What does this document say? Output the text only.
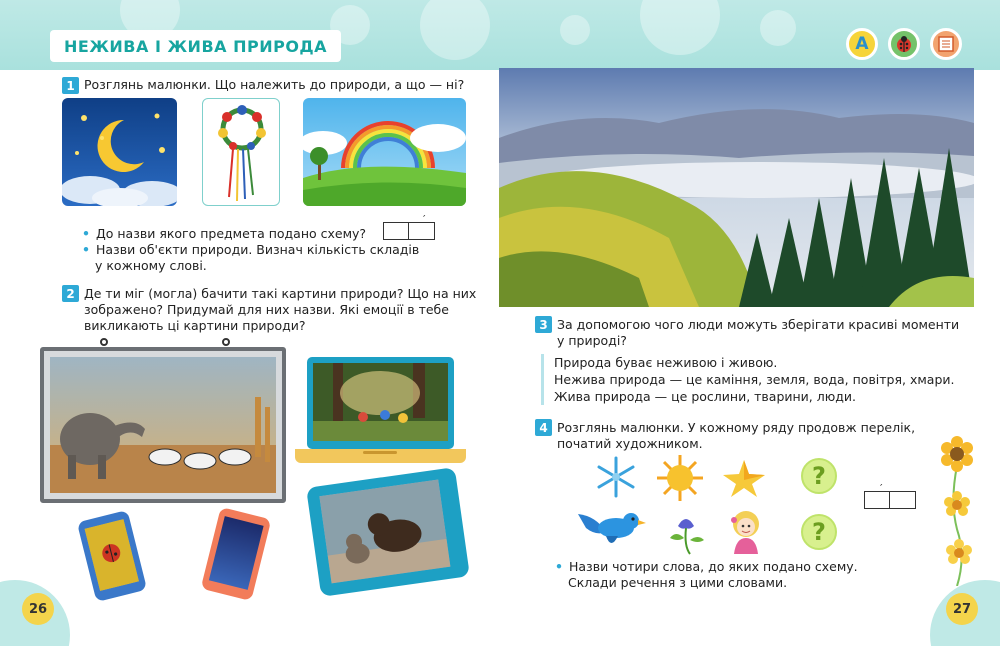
НЕЖИВА І ЖИВА ПРИРОДА	А
1 Розглянь малюнки. Що належить до природи, а що — ні?
• До назви якого предмета подано схему?
• Назви об'єкти природи. Визнач кількість складів
у кожному слові.
′
2 Де ти міг (могла) бачити такі картини природи? Що на них
зображено? Придумай для них назви. Які емоції в тебе
викликають ці картини природи?
26
3 За допомогою чого люди можуть зберігати красиві моменти
у природі?
Природа буває неживою і живою.
Нежива природа — це каміння, земля, вода, повітря, хмари.
Жива природа — це рослини, тварини, люди.
4 Розглянь малюнки. У кожному ряду продовж перелік,
початий художником.
?	′
?
• Назви чотири слова, до яких подано схему.
Склади речення з цими словами.
27
